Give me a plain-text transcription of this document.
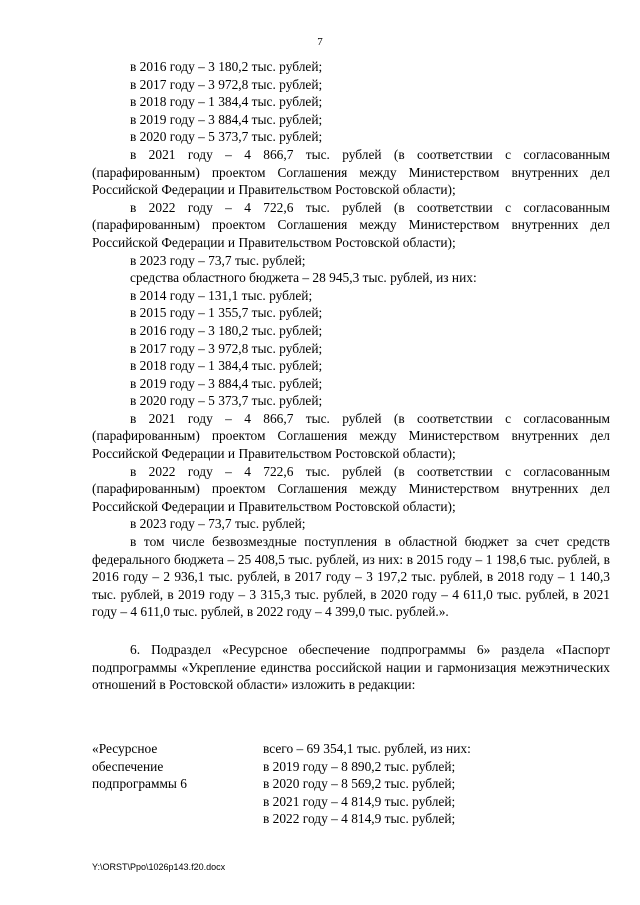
7
в 2016 году – 3 180,2 тыс. рублей;
в 2017 году – 3 972,8 тыс. рублей;
в 2018 году – 1 384,4 тыс. рублей;
в 2019 году – 3 884,4 тыс. рублей;
в 2020 году – 5 373,7 тыс. рублей;
в 2021 году – 4 866,7 тыс. рублей (в соответствии с согласованным (парафированным) проектом Соглашения между Министерством внутренних дел Российской Федерации и Правительством Ростовской области);
в 2022 году – 4 722,6 тыс. рублей (в соответствии с согласованным (парафированным) проектом Соглашения между Министерством внутренних дел Российской Федерации и Правительством Ростовской области);
в 2023 году – 73,7 тыс. рублей;
средства областного бюджета – 28 945,3 тыс. рублей, из них:
в 2014 году – 131,1 тыс. рублей;
в 2015 году – 1 355,7 тыс. рублей;
в 2016 году – 3 180,2 тыс. рублей;
в 2017 году – 3 972,8 тыс. рублей;
в 2018 году – 1 384,4 тыс. рублей;
в 2019 году – 3 884,4 тыс. рублей;
в 2020 году – 5 373,7 тыс. рублей;
в 2021 году – 4 866,7 тыс. рублей (в соответствии с согласованным (парафированным) проектом Соглашения между Министерством внутренних дел Российской Федерации и Правительством Ростовской области);
в 2022 году – 4 722,6 тыс. рублей (в соответствии с согласованным (парафированным) проектом Соглашения между Министерством внутренних дел Российской Федерации и Правительством Ростовской области);
в 2023 году – 73,7 тыс. рублей;
в том числе безвозмездные поступления в областной бюджет за счет средств федерального бюджета – 25 408,5 тыс. рублей, из них: в 2015 году – 1 198,6 тыс. рублей, в 2016 году – 2 936,1 тыс. рублей, в 2017 году – 3 197,2 тыс. рублей, в 2018 году – 1 140,3 тыс. рублей, в 2019 году – 3 315,3 тыс. рублей, в 2020 году – 4 611,0 тыс. рублей, в 2021 году – 4 611,0 тыс. рублей, в 2022 году – 4 399,0 тыс. рублей.».
6. Подраздел «Ресурсное обеспечение подпрограммы 6» раздела «Паспорт подпрограммы «Укрепление единства российской нации и гармонизация межэтнических отношений в Ростовской области» изложить в редакции:
«Ресурсное
обеспечение
подпрограммы 6
всего – 69 354,1 тыс. рублей, из них:
в 2019 году – 8 890,2 тыс. рублей;
в 2020 году – 8 569,2 тыс. рублей;
в 2021 году – 4 814,9 тыс. рублей;
в 2022 году – 4 814,9 тыс. рублей;
Y:\ORST\Ppo\1026p143.f20.docx
